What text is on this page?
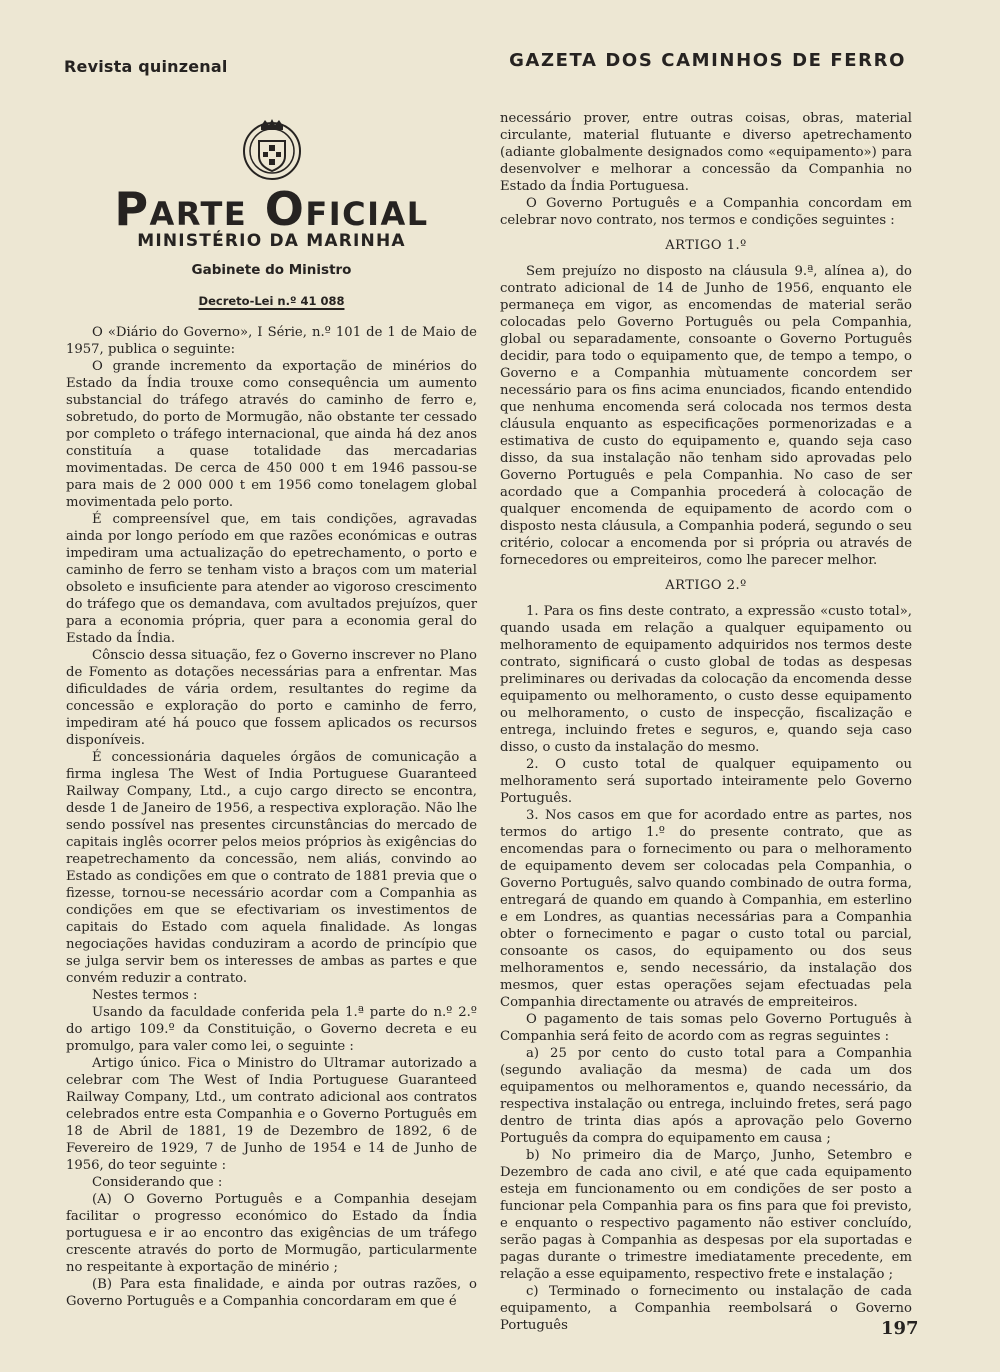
Revista quinzenal	GAZETA DOS CAMINHOS DE FERRO
Parte Oficial
MINISTÉRIO DA MARINHA
Gabinete do Ministro
Decreto-Lei n.º 41 088

O «Diário do Governo», I Série, n.º 101 de 1 de Maio de 1957, publica o seguinte:

O grande incremento da exportação de minérios do Estado da Índia trouxe como consequência um aumento substancial do tráfego através do caminho de ferro e, sobretudo, do porto de Mormugão, não obstante ter cessado por completo o tráfego internacional, que ainda há dez anos constituía a quase totalidade das mercadarias movimentadas. De cerca de 450 000 t em 1946 passou-se para mais de 2 000 000 t em 1956 como tonelagem global movimentada pelo porto.

É compreensível que, em tais condições, agravadas ainda por longo período em que razões económicas e outras impediram uma actualização do epetrechamento, o porto e caminho de ferro se tenham visto a braços com um material obsoleto e insuficiente para atender ao vigoroso crescimento do tráfego que os demandava, com avultados prejuízos, quer para a economia própria, quer para a economia geral do Estado da Índia.

Cônscio dessa situação, fez o Governo inscrever no Plano de Fomento as dotações necessárias para a enfrentar. Mas dificuldades de vária ordem, resultantes do regime da concessão e exploração do porto e caminho de ferro, impediram até há pouco que fossem aplicados os recursos disponíveis.

É concessionária daqueles órgãos de comunicação a firma inglesa The West of India Portuguese Guaranteed Railway Company, Ltd., a cujo cargo directo se encontra, desde 1 de Janeiro de 1956, a respectiva exploração. Não lhe sendo possível nas presentes circunstâncias do mercado de capitais inglês ocorrer pelos meios próprios às exigências do reapetrechamento da concessão, nem aliás, convindo ao Estado as condições em que o contrato de 1881 previa que o fizesse, tornou-se necessário acordar com a Companhia as condições em que se efectivariam os investimentos de capitais do Estado com aquela finalidade. As longas negociações havidas conduziram a acordo de princípio que se julga servir bem os interesses de ambas as partes e que convém reduzir a contrato.

Nestes termos :

Usando da faculdade conferida pela 1.ª parte do n.º 2.º do artigo 109.º da Constituição, o Governo decreta e eu promulgo, para valer como lei, o seguinte :

Artigo único. Fica o Ministro do Ultramar autorizado a celebrar com The West of India Portuguese Guaranteed Railway Company, Ltd., um contrato adicional aos contratos celebrados entre esta Companhia e o Governo Português em 18 de Abril de 1881, 19 de Dezembro de 1892, 6 de Fevereiro de 1929, 7 de Junho de 1954 e 14 de Junho de 1956, do teor seguinte :

Considerando que :

(A) O Governo Português e a Companhia desejam facilitar o progresso económico do Estado da Índia portuguesa e ir ao encontro das exigências de um tráfego crescente através do porto de Mormugão, particularmente no respeitante à exportação de minério ;

(B) Para esta finalidade, e ainda por outras razões, o Governo Português e a Companhia concordaram em que é

necessário prover, entre outras coisas, obras, material circulante, material flutuante e diverso apetrechamento (adiante globalmente designados como «equipamento») para desenvolver e melhorar a concessão da Companhia no Estado da Índia Portuguesa.

O Governo Português e a Companhia concordam em celebrar novo contrato, nos termos e condições seguintes :

ARTIGO 1.º

Sem prejuízo no disposto na cláusula 9.ª, alínea a), do contrato adicional de 14 de Junho de 1956, enquanto ele permaneça em vigor, as encomendas de material serão colocadas pelo Governo Português ou pela Companhia, global ou separadamente, consoante o Governo Português decidir, para todo o equipamento que, de tempo a tempo, o Governo e a Companhia mùtuamente concordem ser necessário para os fins acima enunciados, ficando entendido que nenhuma encomenda será colocada nos termos desta cláusula enquanto as especificações pormenorizadas e a estimativa de custo do equipamento e, quando seja caso disso, da sua instalação não tenham sido aprovadas pelo Governo Português e pela Companhia. No caso de ser acordado que a Companhia procederá à colocação de qualquer encomenda de equipamento de acordo com o disposto nesta cláusula, a Companhia poderá, segundo o seu critério, colocar a encomenda por si própria ou através de fornecedores ou empreiteiros, como lhe parecer melhor.

ARTIGO 2.º

1. Para os fins deste contrato, a expressão «custo total», quando usada em relação a qualquer equipamento ou melhoramento de equipamento adquiridos nos termos deste contrato, significará o custo global de todas as despesas preliminares ou derivadas da colocação da encomenda desse equipamento ou melhoramento, o custo desse equipamento ou melhoramento, o custo de inspecção, fiscalização e entrega, incluindo fretes e seguros, e, quando seja caso disso, o custo da instalação do mesmo.

2. O custo total de qualquer equipamento ou melhoramento será suportado inteiramente pelo Governo Português.

3. Nos casos em que for acordado entre as partes, nos termos do artigo 1.º do presente contrato, que as encomendas para o fornecimento ou para o melhoramento de equipamento devem ser colocadas pela Companhia, o Governo Português, salvo quando combinado de outra forma, entregará de quando em quando à Companhia, em esterlino e em Londres, as quantias necessárias para a Companhia obter o fornecimento e pagar o custo total ou parcial, consoante os casos, do equipamento ou dos seus melhoramentos e, sendo necessário, da instalação dos mesmos, quer estas operações sejam efectuadas pela Companhia directamente ou através de empreiteiros.

O pagamento de tais somas pelo Governo Português à Companhia será feito de acordo com as regras seguintes :

a) 25 por cento do custo total para a Companhia (segundo avaliação da mesma) de cada um dos equipamentos ou melhoramentos e, quando necessário, da respectiva instalação ou entrega, incluindo fretes, será pago dentro de trinta dias após a aprovação pelo Governo Português da compra do equipamento em causa ;

b) No primeiro dia de Março, Junho, Setembro e Dezembro de cada ano civil, e até que cada equipamento esteja em funcionamento ou em condições de ser posto a funcionar pela Companhia para os fins para que foi previsto, e enquanto o respectivo pagamento não estiver concluído, serão pagas à Companhia as despesas por ela suportadas e pagas durante o trimestre imediatamente precedente, em relação a esse equipamento, respectivo frete e instalação ;

c) Terminado o fornecimento ou instalação de cada equipamento, a Companhia reembolsará o Governo Português	197
